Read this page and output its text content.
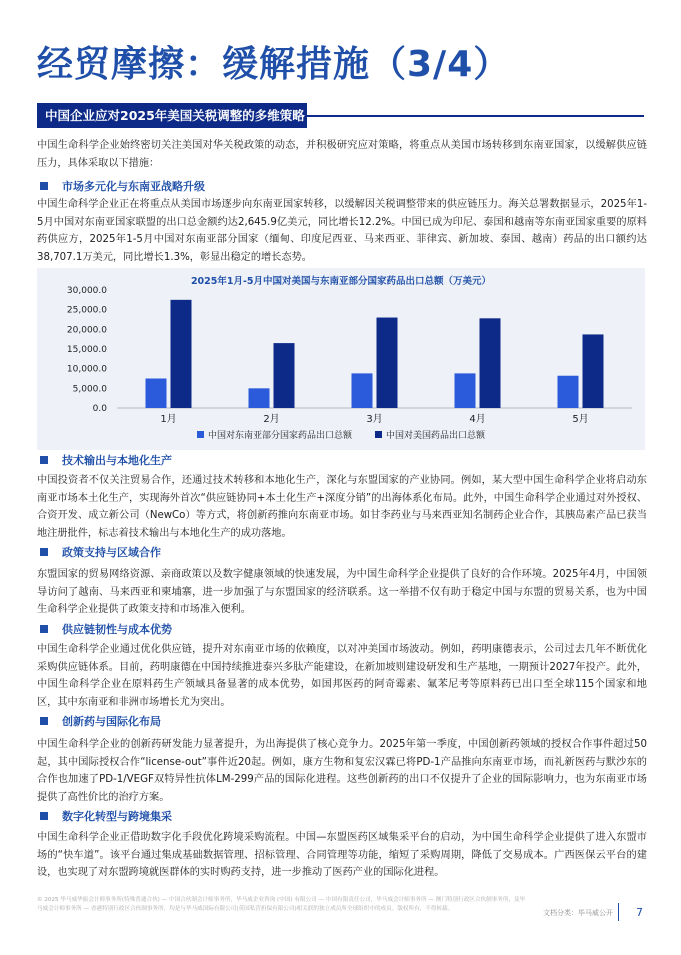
经贸摩擦：缓解措施（3/4）
中国企业应对2025年美国关税调整的多维策略
中国生命科学企业始终密切关注美国对华关税政策的动态，并积极研究应对策略，将重点从美国市场转移到东南亚国家，以缓解供应链压力，具体采取以下措施：
市场多元化与东南亚战略升级
中国生命科学企业正在将重点从美国市场逐步向东南亚国家转移，以缓解因关税调整带来的供应链压力。海关总署数据显示，2025年1-5月中国对东南亚国家联盟的出口总金额约达2,645.9亿美元，同比增长12.2%。中国已成为印尼、泰国和越南等东南亚国家重要的原料药供应方，2025年1-5月中国对东南亚部分国家（缅甸、印度尼西亚、马来西亚、菲律宾、新加坡、泰国、越南）药品的出口额约达38,707.1万美元，同比增长1.3%，彰显出稳定的增长态势。
2025年1月-5月中国对美国与东南亚部分国家药品出口总额（万美元）
30,000.0
25,000.0
20,000.0
15,000.0
10,000.0
5,000.0
0.0
1月	2月	3月	4月	5月
中国对东南亚部分国家药品出口总额	中国对美国药品出口总额
技术输出与本地化生产
中国投资者不仅关注贸易合作，还通过技术转移和本地化生产，深化与东盟国家的产业协同。例如，某大型中国生命科学企业将启动东南亚市场本土化生产，实现海外首次“供应链协同+本土化生产+深度分销”的出海体系化布局。此外，中国生命科学企业通过对外授权、合资开发、成立新公司（NewCo）等方式，将创新药推向东南亚市场。如甘李药业与马来西亚知名制药企业合作，其胰岛素产品已获当地注册批件，标志着技术输出与本地化生产的成功落地。
政策支持与区域合作
东盟国家的贸易网络资源、亲商政策以及数字健康领域的快速发展，为中国生命科学企业提供了良好的合作环境。2025年4月，中国领导访问了越南、马来西亚和柬埔寨，进一步加强了与东盟国家的经济联系。这一举措不仅有助于稳定中国与东盟的贸易关系，也为中国生命科学企业提供了政策支持和市场准入便利。
供应链韧性与成本优势
中国生命科学企业通过优化供应链，提升对东南亚市场的依赖度，以对冲美国市场波动。例如，药明康德表示，公司过去几年不断优化采购供应链体系。目前，药明康德在中国持续推进泰兴多肽产能建设，在新加坡则建设研发和生产基地，一期预计2027年投产。此外，中国生命科学企业在原料药生产领域具备显著的成本优势，如国邦医药的阿奇霉素、氟苯尼考等原料药已出口至全球115个国家和地区，其中东南亚和非洲市场增长尤为突出。
创新药与国际化布局
中国生命科学企业的创新药研发能力显著提升，为出海提供了核心竞争力。2025年第一季度，中国创新药领域的授权合作事件超过50起，其中国际授权合作“license-out”事件近20起。例如，康方生物和复宏汉霖已将PD-1产品推向东南亚市场，而礼新医药与默沙东的合作也加速了PD-1/VEGF双特异性抗体LM-299产品的国际化进程。这些创新药的出口不仅提升了企业的国际影响力，也为东南亚市场提供了高性价比的治疗方案。
数字化转型与跨境集采
中国生命科学企业正借助数字化手段优化跨境采购流程。中国—东盟医药区域集采平台的启动，为中国生命科学企业提供了进入东盟市场的“快车道”。该平台通过集成基础数据管理、招标管理、合同管理等功能，缩短了采购周期，降低了交易成本。广西医保云平台的建设，也实现了对东盟跨境就医群体的实时购药支持，进一步推动了医药产业的国际化进程。
© 2025 毕马威华振会计师事务所(特殊普通合伙) — 中国合伙制会计师事务所，毕马威企业咨询 (中国) 有限公司 — 中国有限责任公司，毕马威会计师事务所 — 澳门特别行政区合伙制事务所，及毕马威会计师事务所 — 香港特别行政区合伙制事务所，均是与毕马威国际有限公司(英国私营担保有限公司)相关联的独立成员所全球组织中的成员。版权所有，不得转载。
文档分类：毕马威公开 7
